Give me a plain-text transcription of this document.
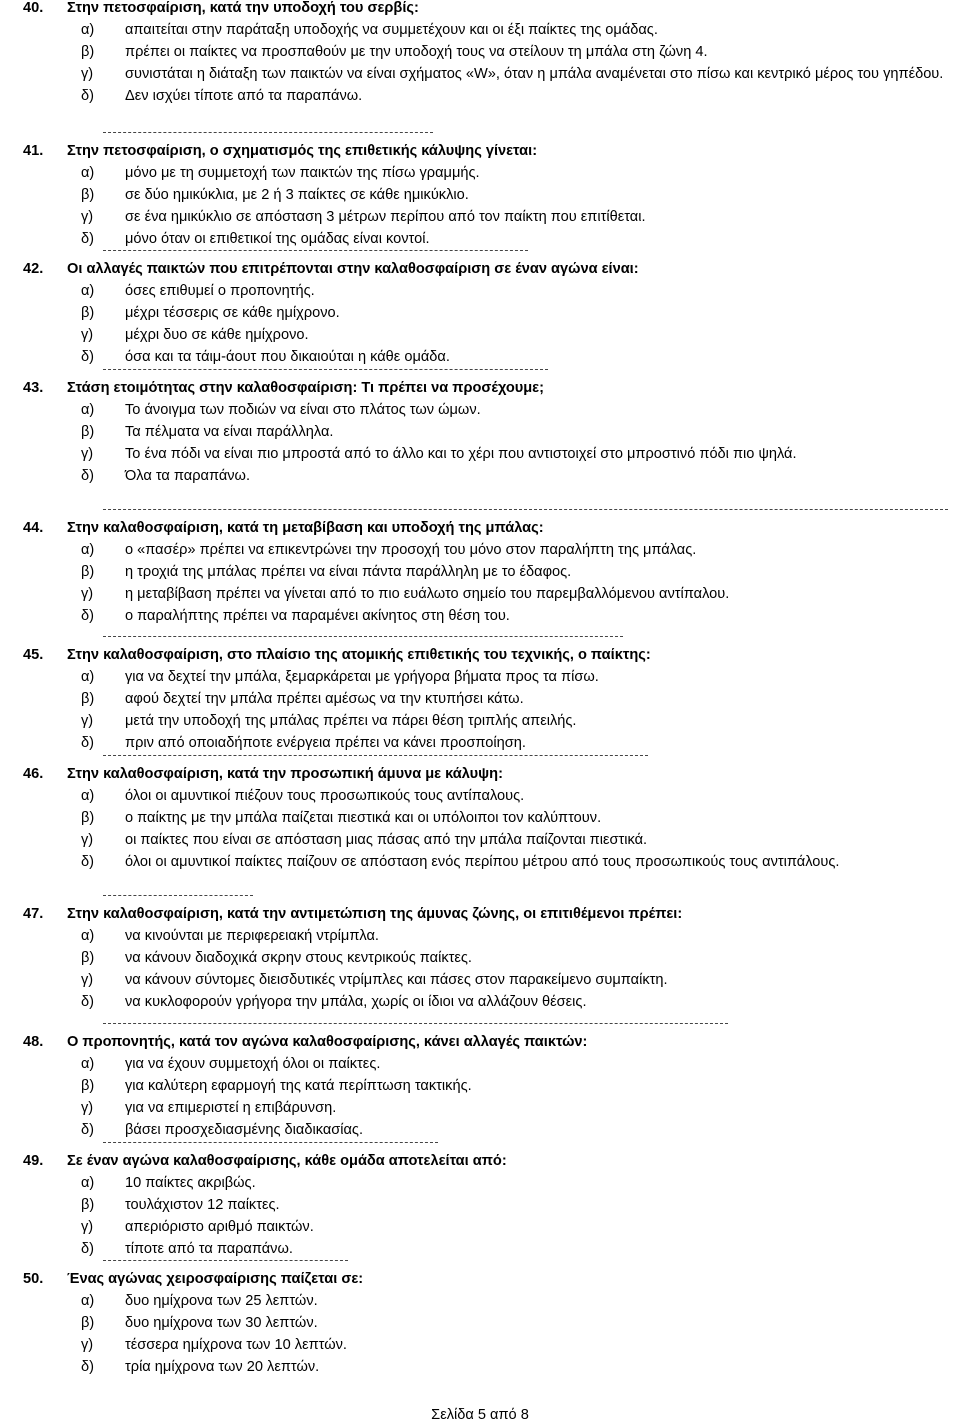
40.	Στην πετοσφαίριση, κατά την υποδοχή του σερβίς:
α)	απαιτείται στην παράταξη υποδοχής να συμμετέχουν και οι έξι παίκτες της ομάδας.
β)	πρέπει οι παίκτες να προσπαθούν με την υποδοχή τους να στείλουν τη μπάλα στη ζώνη 4.
γ)	συνιστάται η διάταξη των παικτών να είναι σχήματος «W», όταν η μπάλα αναμένεται στο πίσω και κεντρικό μέρος του γηπέδου.
δ)	Δεν ισχύει τίποτε από τα παραπάνω.
41.	Στην πετοσφαίριση, ο σχηματισμός της επιθετικής κάλυψης γίνεται:
α)	μόνο με τη συμμετοχή των παικτών της πίσω γραμμής.
β)	σε δύο ημικύκλια, με 2 ή 3 παίκτες σε κάθε ημικύκλιο.
γ)	σε ένα ημικύκλιο σε απόσταση 3 μέτρων περίπου από τον παίκτη που επιτίθεται.
δ)	μόνο όταν οι επιθετικοί της ομάδας είναι κοντοί.
42.	Οι αλλαγές παικτών που επιτρέπονται στην καλαθοσφαίριση σε έναν αγώνα είναι:
α)	όσες επιθυμεί ο προπονητής.
β)	μέχρι τέσσερις σε κάθε ημίχρονο.
γ)	μέχρι δυο σε κάθε ημίχρονο.
δ)	όσα και τα τάιμ-άουτ που δικαιούται η κάθε ομάδα.
43.	Στάση ετοιμότητας στην καλαθοσφαίριση: Τι πρέπει να προσέχουμε;
α)	Το άνοιγμα των ποδιών να είναι στο πλάτος των ώμων.
β)	Τα πέλματα να είναι παράλληλα.
γ)	Το ένα πόδι να είναι πιο μπροστά από το άλλο και το χέρι που αντιστοιχεί στο μπροστινό πόδι πιο ψηλά.
δ)	Όλα τα παραπάνω.
44.	Στην καλαθοσφαίριση, κατά τη μεταβίβαση και υποδοχή της μπάλας:
α)	ο «πασέρ» πρέπει να επικεντρώνει την προσοχή του μόνο στον παραλήπτη της μπάλας.
β)	η τροχιά της μπάλας πρέπει να είναι πάντα παράλληλη με το έδαφος.
γ)	η μεταβίβαση πρέπει να γίνεται από το πιο ευάλωτο σημείο του παρεμβαλλόμενου αντίπαλου.
δ)	ο παραλήπτης πρέπει να παραμένει ακίνητος στη θέση του.
45.	Στην καλαθοσφαίριση, στο πλαίσιο της ατομικής επιθετικής του τεχνικής, ο παίκτης:
α)	για να δεχτεί την μπάλα, ξεμαρκάρεται με γρήγορα βήματα προς τα πίσω.
β)	αφού δεχτεί την μπάλα πρέπει αμέσως να την κτυπήσει κάτω.
γ)	μετά την υποδοχή της μπάλας πρέπει να πάρει θέση τριπλής απειλής.
δ)	πριν από οποιαδήποτε ενέργεια πρέπει να κάνει προσποίηση.
46.	Στην καλαθοσφαίριση, κατά την προσωπική άμυνα με κάλυψη:
α)	όλοι οι αμυντικοί πιέζουν τους προσωπικούς τους αντίπαλους.
β)	ο παίκτης με την μπάλα παίζεται πιεστικά και οι υπόλοιποι τον καλύπτουν.
γ)	οι παίκτες που είναι σε απόσταση μιας πάσας από την μπάλα παίζονται πιεστικά.
δ)	όλοι οι αμυντικοί παίκτες παίζουν σε απόσταση ενός περίπου μέτρου από τους προσωπικούς τους αντιπάλους.
47.	Στην καλαθοσφαίριση, κατά την αντιμετώπιση της άμυνας ζώνης, οι επιτιθέμενοι πρέπει:
α)	να κινούνται με περιφερειακή ντρίμπλα.
β)	να κάνουν διαδοχικά σκρην στους κεντρικούς παίκτες.
γ)	να κάνουν σύντομες διεισδυτικές ντρίμπλες και πάσες στον παρακείμενο συμπαίκτη.
δ)	να κυκλοφορούν γρήγορα την μπάλα, χωρίς οι ίδιοι να αλλάζουν θέσεις.
48.	Ο προπονητής, κατά τον αγώνα καλαθοσφαίρισης, κάνει αλλαγές παικτών:
α)	για να έχουν συμμετοχή όλοι οι παίκτες.
β)	για καλύτερη εφαρμογή της κατά περίπτωση τακτικής.
γ)	για να επιμεριστεί η επιβάρυνση.
δ)	βάσει προσχεδιασμένης διαδικασίας.
49.	Σε έναν αγώνα καλαθοσφαίρισης, κάθε ομάδα αποτελείται από:
α)	10 παίκτες ακριβώς.
β)	τουλάχιστον 12 παίκτες.
γ)	απεριόριστο αριθμό παικτών.
δ)	τίποτε από τα παραπάνω.
50.	Ένας αγώνας χειροσφαίρισης παίζεται σε:
α)	δυο ημίχρονα των 25 λεπτών.
β)	δυο ημίχρονα των 30 λεπτών.
γ)	τέσσερα ημίχρονα των 10 λεπτών.
δ)	τρία ημίχρονα των 20 λεπτών.
Σελίδα 5 από 8
